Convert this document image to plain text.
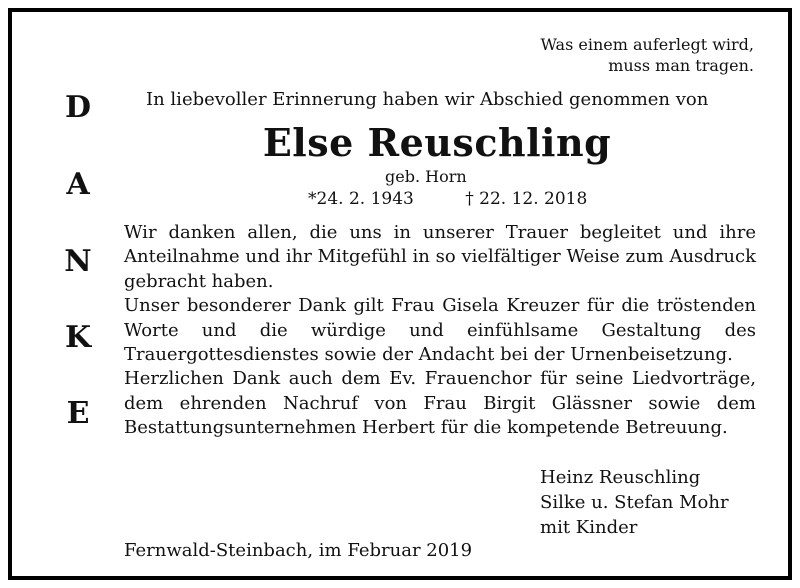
Was einem auferlegt wird,
muss man tragen.
D
A
N
K
E
In liebevoller Erinnerung haben wir Abschied genommen von
Else Reuschling
geb. Horn
*24. 2. 1943	† 22. 12. 2018

Wir danken allen, die uns in unserer Trauer begleitet und ihre Anteilnahme und ihr Mitgefühl in so vielfältiger Weise zum Ausdruck gebracht haben.

Unser besonderer Dank gilt Frau Gisela Kreuzer für die tröstenden Worte und die würdige und einfühlsame Gestaltung des Trauergottesdienstes sowie der Andacht bei der Urnenbeisetzung.

Herzlichen Dank auch dem Ev. Frauenchor für seine Liedvorträge, dem ehrenden Nachruf von Frau Birgit Glässner sowie dem Bestattungsunternehmen Herbert für die kompetende Betreuung.

Heinz Reuschling
Silke u. Stefan Mohr
mit Kinder
Fernwald-Steinbach, im Februar 2019
